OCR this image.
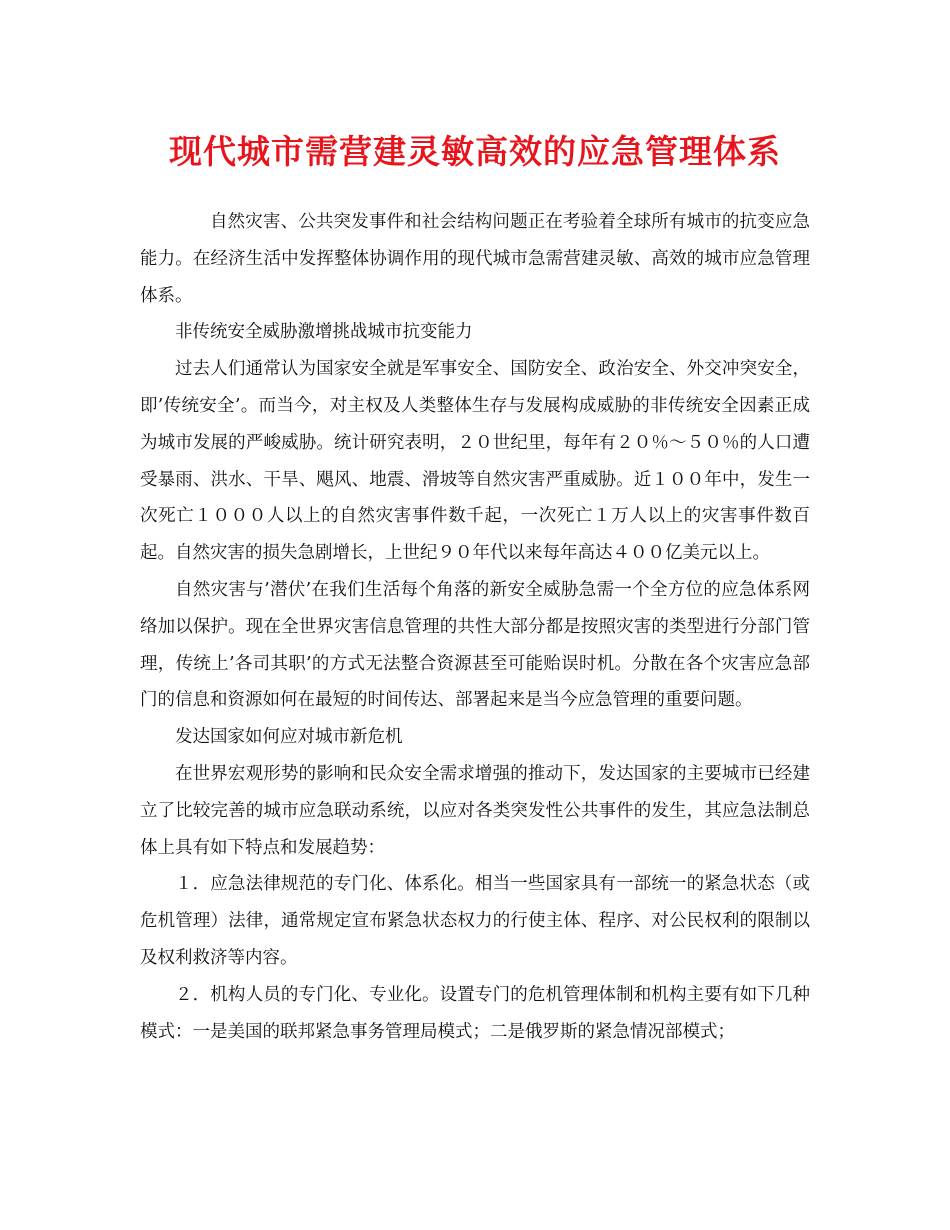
现代城市需营建灵敏高效的应急管理体系

自然灾害、公共突发事件和社会结构问题正在考验着全球所有城市的抗变应急能力。在经济生活中发挥整体协调作用的现代城市急需营建灵敏、高效的城市应急管理体系。

非传统安全威胁激增挑战城市抗变能力

过去人们通常认为国家安全就是军事安全、国防安全、政治安全、外交冲突安全，即’传统安全’。而当今，对主权及人类整体生存与发展构成威胁的非传统安全因素正成为城市发展的严峻威胁。统计研究表明，２０世纪里，每年有２０％～５０％的人口遭受暴雨、洪水、干旱、飓风、地震、滑坡等自然灾害严重威胁。近１００年中，发生一次死亡１０００人以上的自然灾害事件数千起，一次死亡１万人以上的灾害事件数百起。自然灾害的损失急剧增长，上世纪９０年代以来每年高达４００亿美元以上。

自然灾害与’潜伏’在我们生活每个角落的新安全威胁急需一个全方位的应急体系网络加以保护。现在全世界灾害信息管理的共性大部分都是按照灾害的类型进行分部门管理，传统上’各司其职’的方式无法整合资源甚至可能贻误时机。分散在各个灾害应急部门的信息和资源如何在最短的时间传达、部署起来是当今应急管理的重要问题。

发达国家如何应对城市新危机

在世界宏观形势的影响和民众安全需求增强的推动下，发达国家的主要城市已经建立了比较完善的城市应急联动系统，以应对各类突发性公共事件的发生，其应急法制总体上具有如下特点和发展趋势：

１．应急法律规范的专门化、体系化。相当一些国家具有一部统一的紧急状态（或危机管理）法律，通常规定宣布紧急状态权力的行使主体、程序、对公民权利的限制以及权利救济等内容。

２．机构人员的专门化、专业化。设置专门的危机管理体制和机构主要有如下几种模式：一是美国的联邦紧急事务管理局模式；二是俄罗斯的紧急情况部模式；
